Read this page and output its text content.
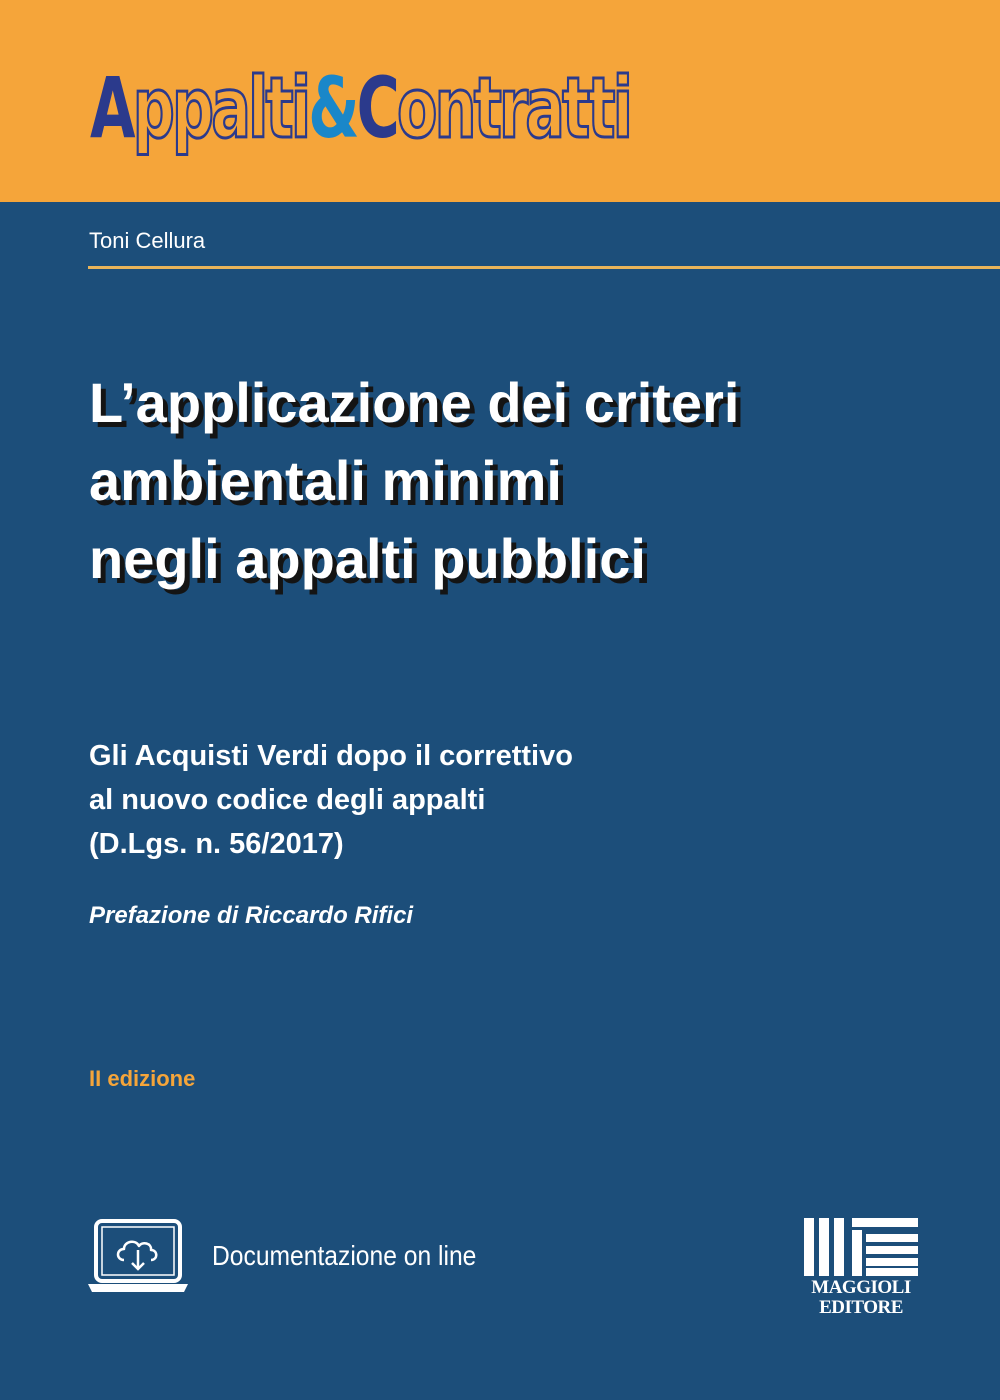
Appalti&Contratti
Toni Cellura
L’applicazione dei criteri
ambientali minimi
negli appalti pubblici
Gli Acquisti Verdi dopo il correttivo
al nuovo codice degli appalti
(D.Lgs. n. 56/2017)
Prefazione di Riccardo Rifici
II edizione
Documentazione on line
MAGGIOLI
EDITORE
